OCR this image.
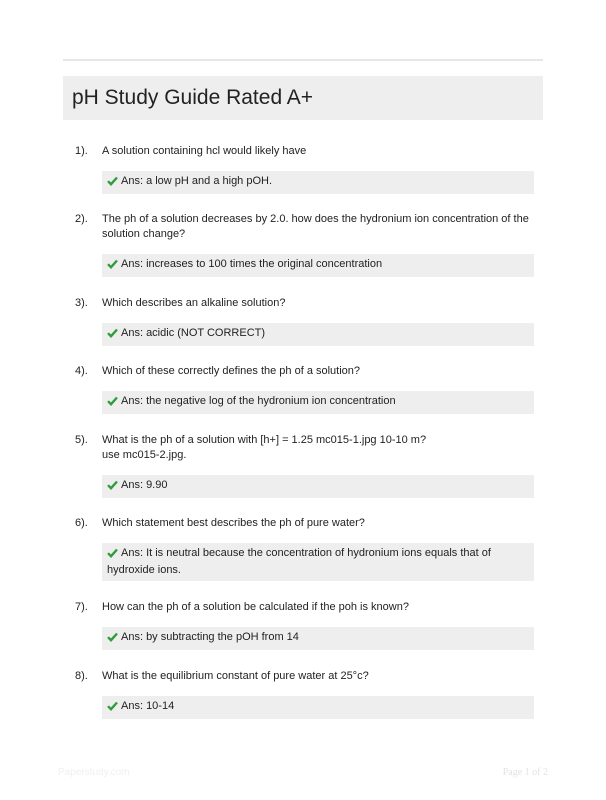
pH Study Guide Rated A+
1).	A solution containing hcl would likely have
Ans: a low pH and a high pOH.
2).	The ph of a solution decreases by 2.0. how does the hydronium ion concentration of the solution change?
Ans: increases to 100 times the original concentration
3).	Which describes an alkaline solution?
Ans: acidic (NOT CORRECT)
4).	Which of these correctly defines the ph of a solution?
Ans: the negative log of the hydronium ion concentration
5).	What is the ph of a solution with [h+] = 1.25 mc015-1.jpg 10-10 m?
use mc015-2.jpg.
Ans: 9.90
6).	Which statement best describes the ph of pure water?
Ans: It is neutral because the concentration of hydronium ions equals that of hydroxide ions.
7).	How can the ph of a solution be calculated if the poh is known?
Ans: by subtracting the pOH from 14
8).	What is the equilibrium constant of pure water at 25°c?
Ans: 10-14
Paperstudy.com	Page 1 of 2
